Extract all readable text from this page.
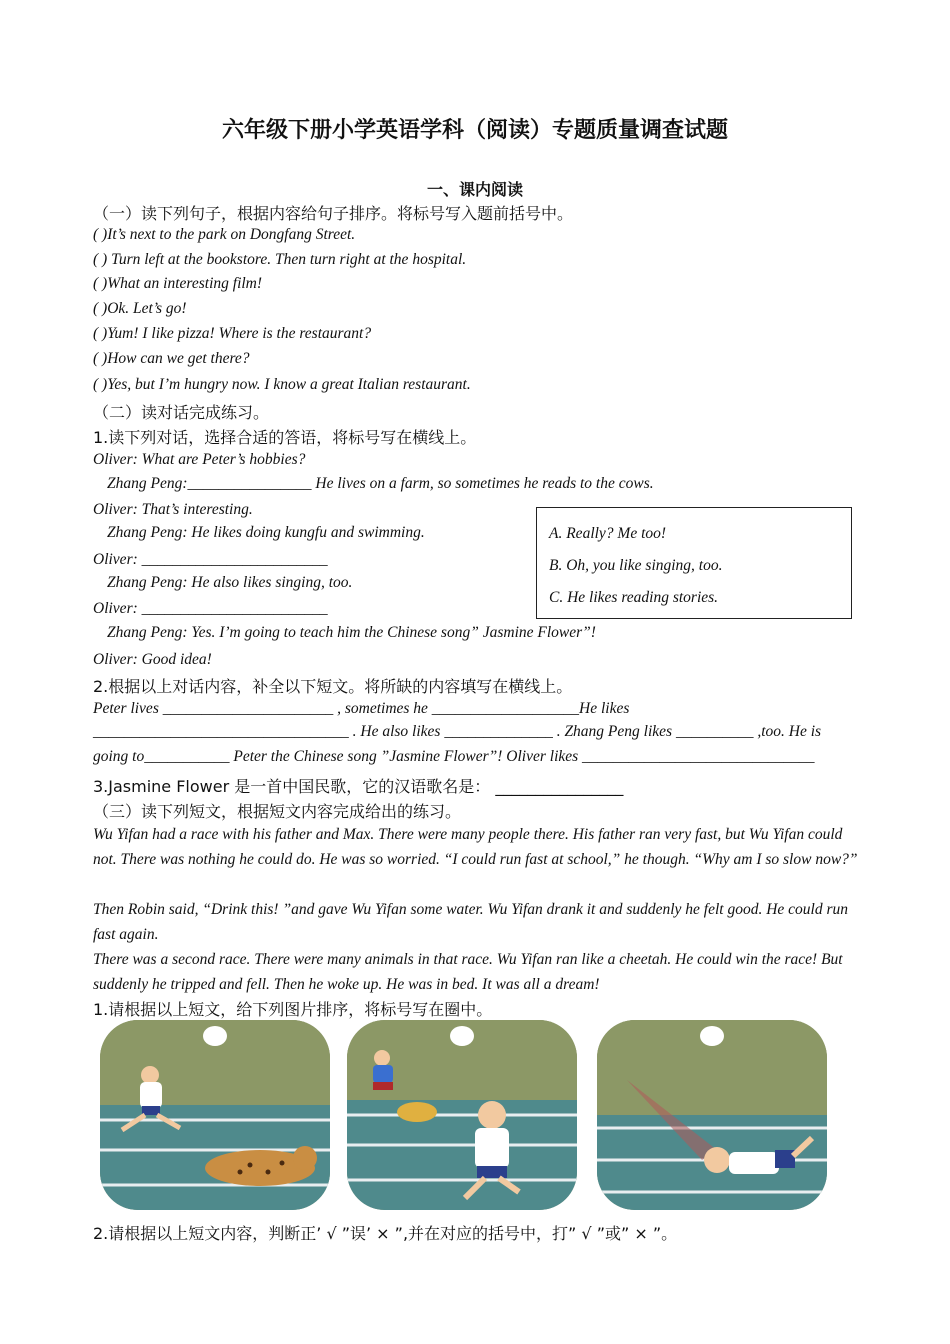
六年级下册小学英语学科（阅读）专题质量调查试题
一、课内阅读
（一）读下列句子，根据内容给句子排序。将标号写入题前括号中。
( )It’s next to the park on Dongfang Street.
( ) Turn left at the bookstore. Then turn right at the hospital.
( )What an interesting film!
( )Ok. Let’s go!
( )Yum! I like pizza! Where is the restaurant?
( )How can we get there?
( )Yes, but I’m hungry now. I know a great Italian restaurant.
（二）读对话完成练习。
1.读下列对话，选择合适的答语，将标号写在横线上。
Oliver: What are Peter’s hobbies?
Zhang Peng:________________ He lives on a farm, so sometimes he reads to the cows.
Oliver: That’s interesting.
Zhang Peng: He likes doing kungfu and swimming.
Oliver: ________________________
Zhang Peng: He also likes singing, too.
Oliver: ________________________
Zhang Peng: Yes. I’m going to teach him the Chinese song” Jasmine Flower”!
Oliver: Good idea!
A. Really? Me too!
B. Oh, you like singing, too.
C. He likes reading stories.
2.根据以上对话内容，补全以下短文。将所缺的内容填写在横线上。
Peter lives ______________________ , sometimes he ___________________He likes
_________________________________ . He also likes ______________ . Zhang Peng likes __________ ,too. He is
going to___________ Peter the Chinese song ”Jasmine Flower”! Oliver likes ______________________________
3.Jasmine Flower 是一首中国民歌，它的汉语歌名是： ________________
（三）读下列短文，根据短文内容完成给出的练习。
Wu Yifan had a race with his father and Max. There were many people there. His father ran very fast, but Wu Yifan could not. There was nothing he could do. He was so worried. “I could run fast at school,” he though. “Why am I so slow now?”
Then Robin said, “Drink this! ”and gave Wu Yifan some water. Wu Yifan drank it and suddenly he felt good. He could run fast again.
There was a second race. There were many animals in that race. Wu Yifan ran like a cheetah. He could win the race! But suddenly he tripped and fell. Then he woke up. He was in bed. It was all a dream!
1.请根据以上短文，给下列图片排序，将标号写在圈中。
2.请根据以上短文内容，判断正’ √ ”误’ × ”,并在对应的括号中，打” √ ”或” × ”。
